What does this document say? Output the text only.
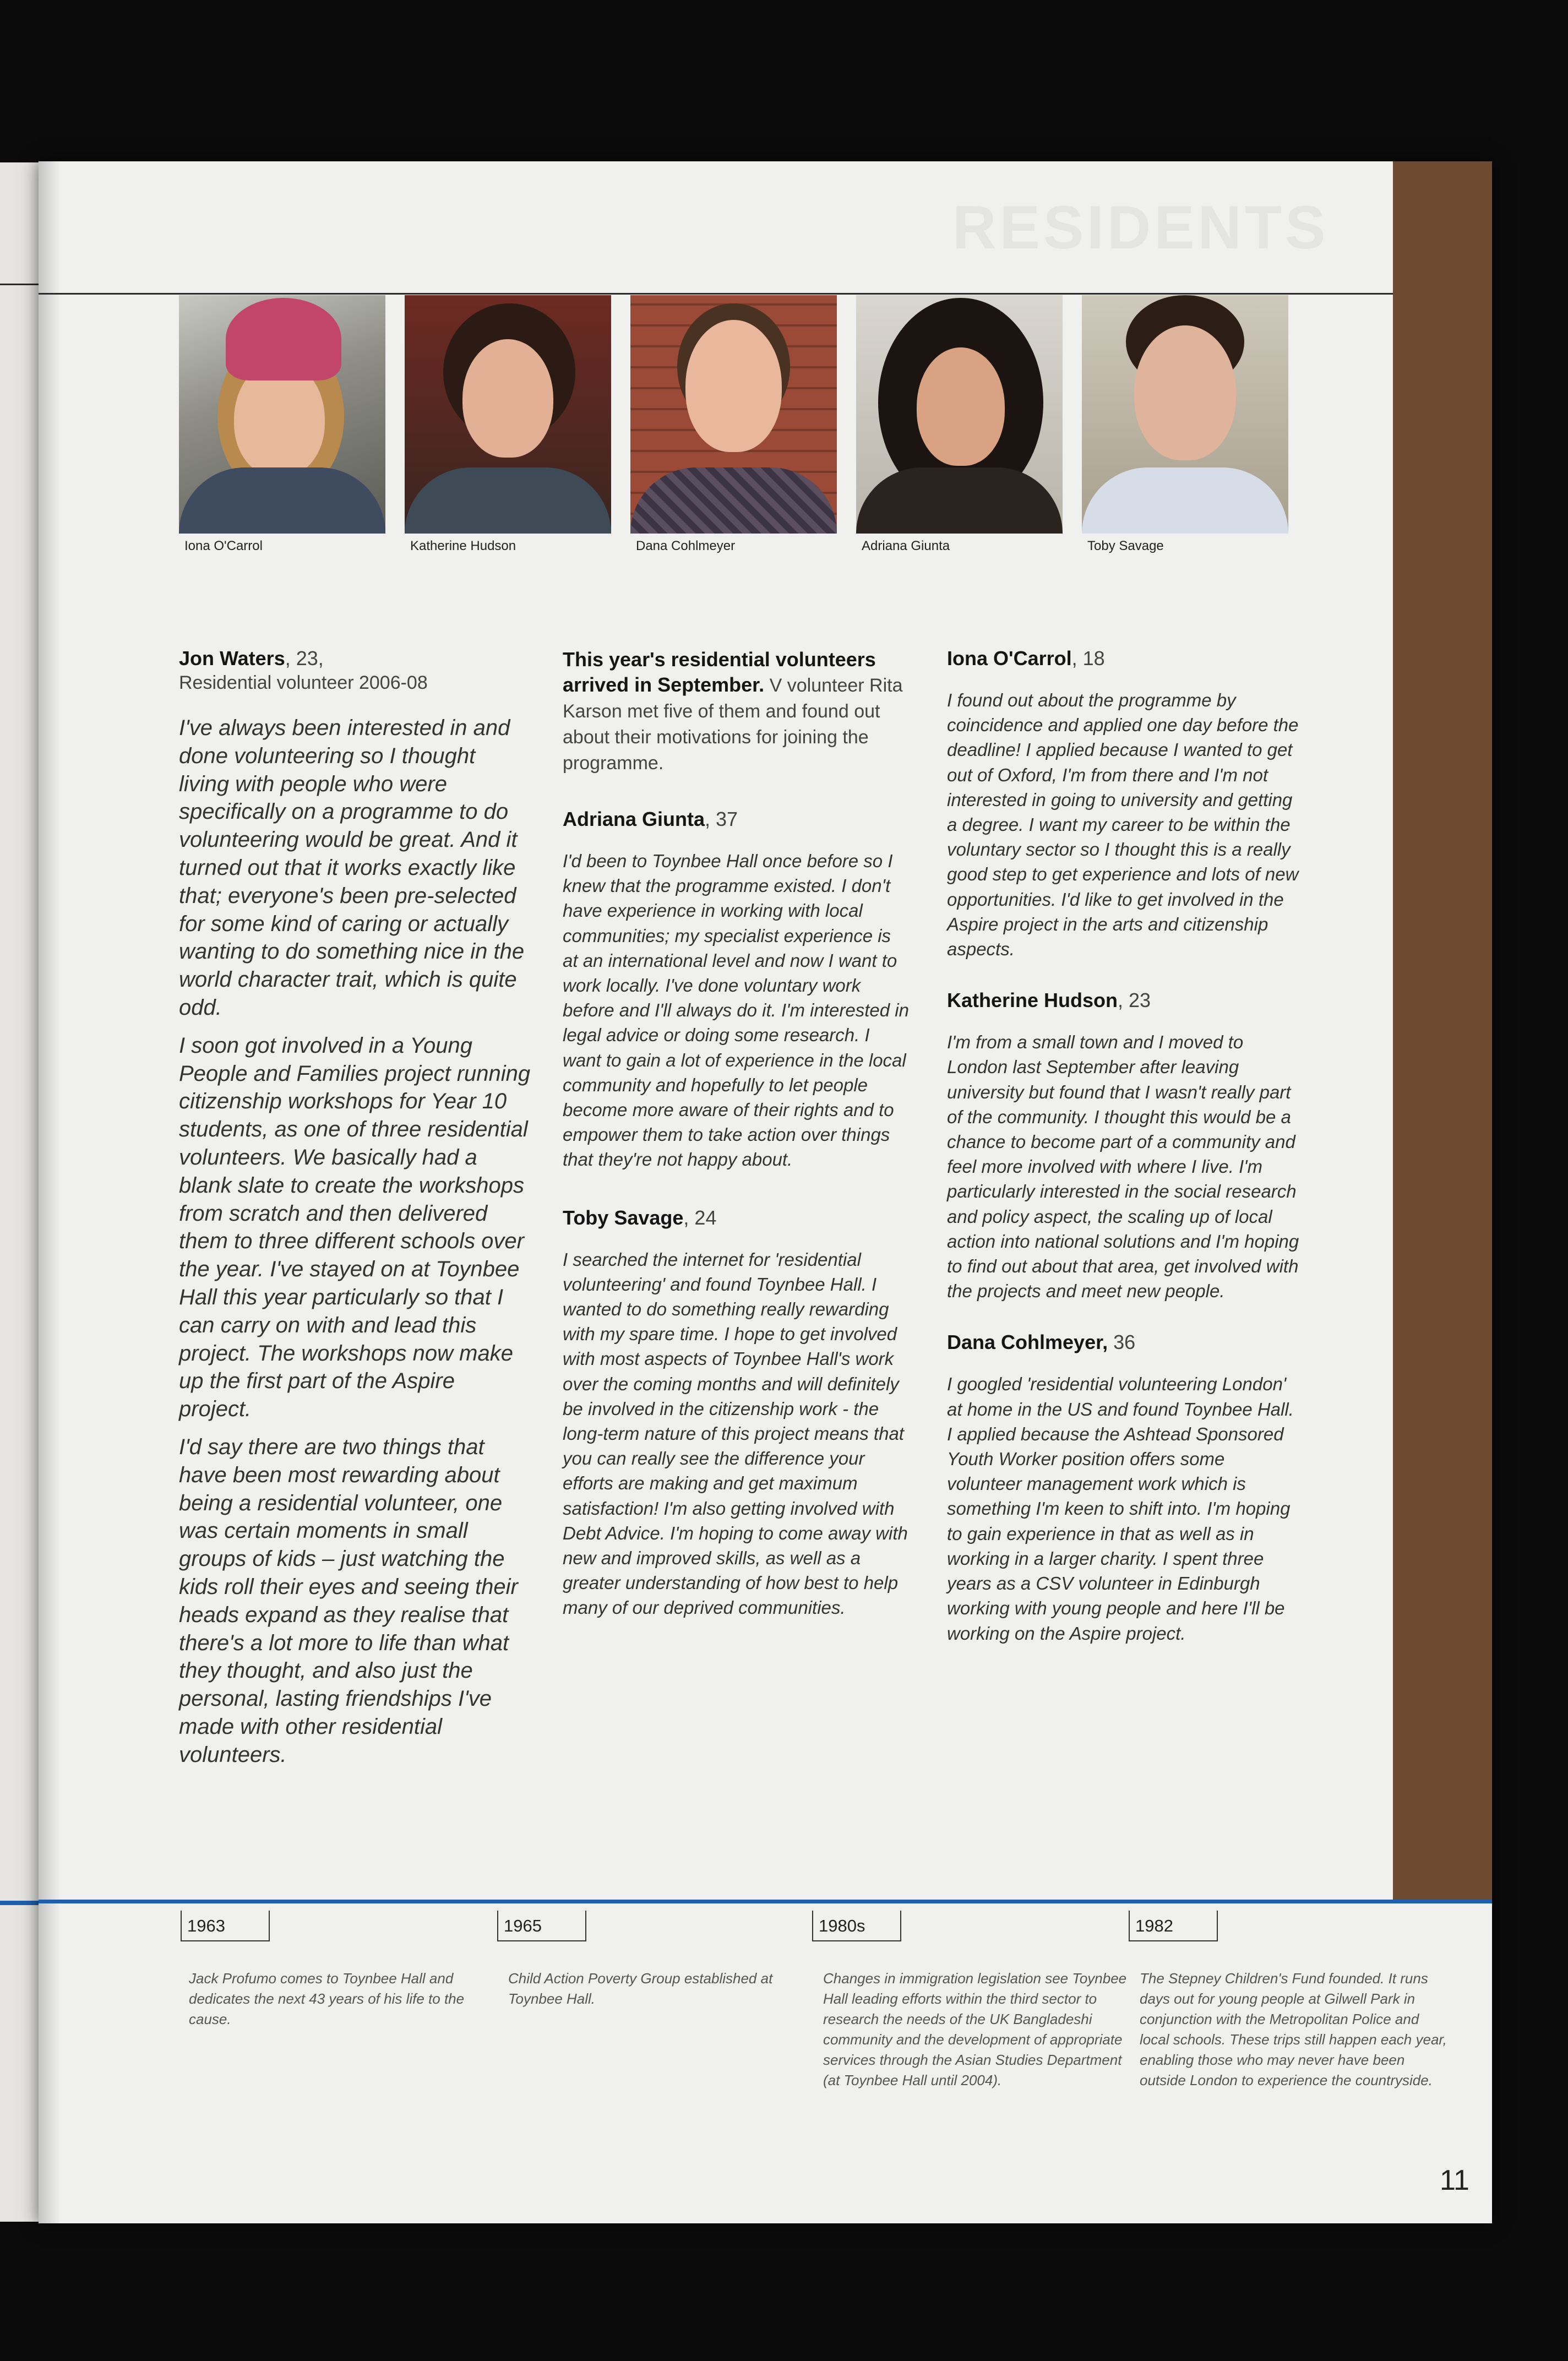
RESIDENTS
Iona O'Carrol	Katherine Hudson	Dana Cohlmeyer	Adriana Giunta	Toby Savage
Jon Waters, 23,
Residential volunteer 2006-08

I've always been interested in and done volunteering so I thought living with people who were specifically on a programme to do volunteering would be great. And it turned out that it works exactly like that; everyone's been pre-selected for some kind of caring or actually wanting to do something nice in the world character trait, which is quite odd.

I soon got involved in a Young People and Families project running citizenship workshops for Year 10 students, as one of three residential volunteers. We basically had a blank slate to create the workshops from scratch and then delivered them to three different schools over the year. I've stayed on at Toynbee Hall this year particularly so that I can carry on with and lead this project. The workshops now make up the first part of the Aspire project.

I'd say there are two things that have been most rewarding about being a residential volunteer, one was certain moments in small groups of kids – just watching the kids roll their eyes and seeing their heads expand as they realise that there's a lot more to life than what they thought, and also just the personal, lasting friendships I've made with other residential volunteers.

This year's residential volunteers arrived in September. V volunteer Rita Karson met five of them and found out about their motivations for joining the programme.

Adriana Giunta, 37

I'd been to Toynbee Hall once before so I knew that the programme existed. I don't have experience in working with local communities; my specialist experience is at an international level and now I want to work locally. I've done voluntary work before and I'll always do it. I'm interested in legal advice or doing some research. I want to gain a lot of experience in the local community and hopefully to let people become more aware of their rights and to empower them to take action over things that they're not happy about.

Toby Savage, 24

I searched the internet for 'residential volunteering' and found Toynbee Hall. I wanted to do something really rewarding with my spare time. I hope to get involved with most aspects of Toynbee Hall's work over the coming months and will definitely be involved in the citizenship work - the long-term nature of this project means that you can really see the difference your efforts are making and get maximum satisfaction! I'm also getting involved with Debt Advice. I'm hoping to come away with new and improved skills, as well as a greater understanding of how best to help many of our deprived communities.

Iona O'Carrol, 18

I found out about the programme by coincidence and applied one day before the deadline! I applied because I wanted to get out of Oxford, I'm from there and I'm not interested in going to university and getting a degree. I want my career to be within the voluntary sector so I thought this is a really good step to get experience and lots of new opportunities. I'd like to get involved in the Aspire project in the arts and citizenship aspects.

Katherine Hudson, 23

I'm from a small town and I moved to London last September after leaving university but found that I wasn't really part of the community. I thought this would be a chance to become part of a community and feel more involved with where I live. I'm particularly interested in the social research and policy aspect, the scaling up of local action into national solutions and I'm hoping to find out about that area, get involved with the projects and meet new people.

Dana Cohlmeyer, 36

I googled 'residential volunteering London' at home in the US and found Toynbee Hall. I applied because the Ashtead Sponsored Youth Worker position offers some volunteer management work which is something I'm keen to shift into. I'm hoping to gain experience in that as well as in working in a larger charity. I spent three years as a CSV volunteer in Edinburgh working with young people and here I'll be working on the Aspire project.

1963
Jack Profumo comes to Toynbee Hall and dedicates the next 43 years of his life to the cause.
1965
Child Action Poverty Group established at Toynbee Hall.
1980s
Changes in immigration legislation see Toynbee Hall leading efforts within the third sector to research the needs of the UK Bangladeshi community and the development of appropriate services through the Asian Studies Department (at Toynbee Hall until 2004).
1982
The Stepney Children's Fund founded. It runs days out for young people at Gilwell Park in conjunction with the Metropolitan Police and local schools. These trips still happen each year, enabling those who may never have been outside London to experience the countryside.
11
